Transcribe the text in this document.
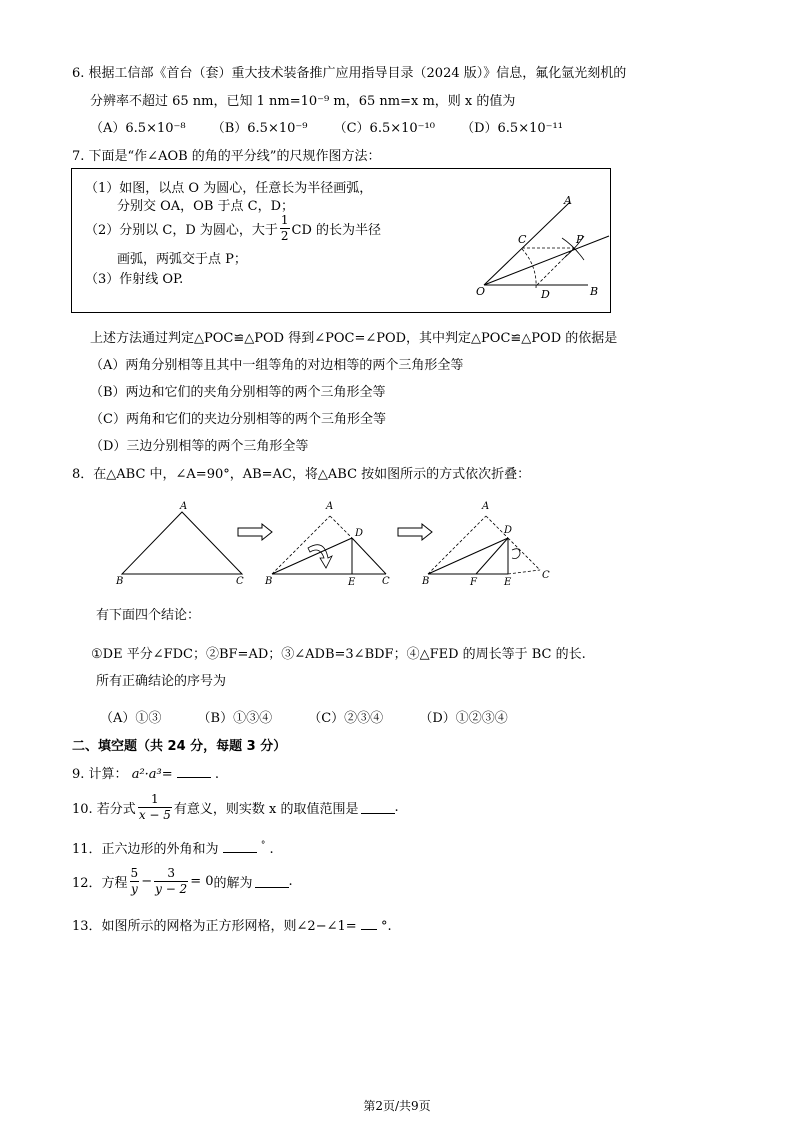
6. 根据工信部《首台（套）重大技术装备推广应用指导目录（2024 版）》信息，氟化氩光刻机的
分辨率不超过 65 nm，已知 1 nm=10⁻⁹ m，65 nm=x m，则 x 的值为
（A）6.5×10⁻⁸ （B）6.5×10⁻⁹ （C）6.5×10⁻¹⁰ （D）6.5×10⁻¹¹
7. 下面是“作∠AOB 的角的平分线”的尺规作图方法：
（1）如图，以点 O 为圆心，任意长为半径画弧，
分别交 OA，OB 于点 C，D；
（2）分别以 C，D 为圆心，大于 $\frac{1}{2}$ CD 的长为半径
画弧，两弧交于点 P；
（3）作射线 OP.
A
C	P
O	D	B
上述方法通过判定△POC≌△POD 得到∠POC=∠POD，其中判定△POC≌△POD 的依据是
（A）两角分别相等且其中一组等角的对边相等的两个三角形全等
（B）两边和它们的夹角分别相等的两个三角形全等
（C）两角和它们的夹边分别相等的两个三角形全等
（D）三边分别相等的两个三角形全等
8．在△ABC 中，∠A=90°，AB=AC，将△ABC 按如图所示的方式依次折叠：
A
B	C
A
D
B	E	C
A
D
B	F	E
C
有下面四个结论：
①DE 平分∠FDC；②BF=AD；③∠ADB=3∠BDF；④△FED 的周长等于 BC 的长.
所有正确结论的序号为
（A）①③	（B）①③④	（C）②③④	（D）①②③④
二、填空题（共 24 分，每题 3 分）
9. 计算： a²·a³=	.
10. 若分式 $\frac{1}{x - 5}$ 有意义，则实数 x 的取值范围是	.
11．正六边形的外角和为	° .
12．方程 $\frac{5}{y} - \frac{3}{y - 2} = 0$ 的解为	.
13．如图所示的网格为正方形网格，则∠2−∠1= °.
第2页/共9页
